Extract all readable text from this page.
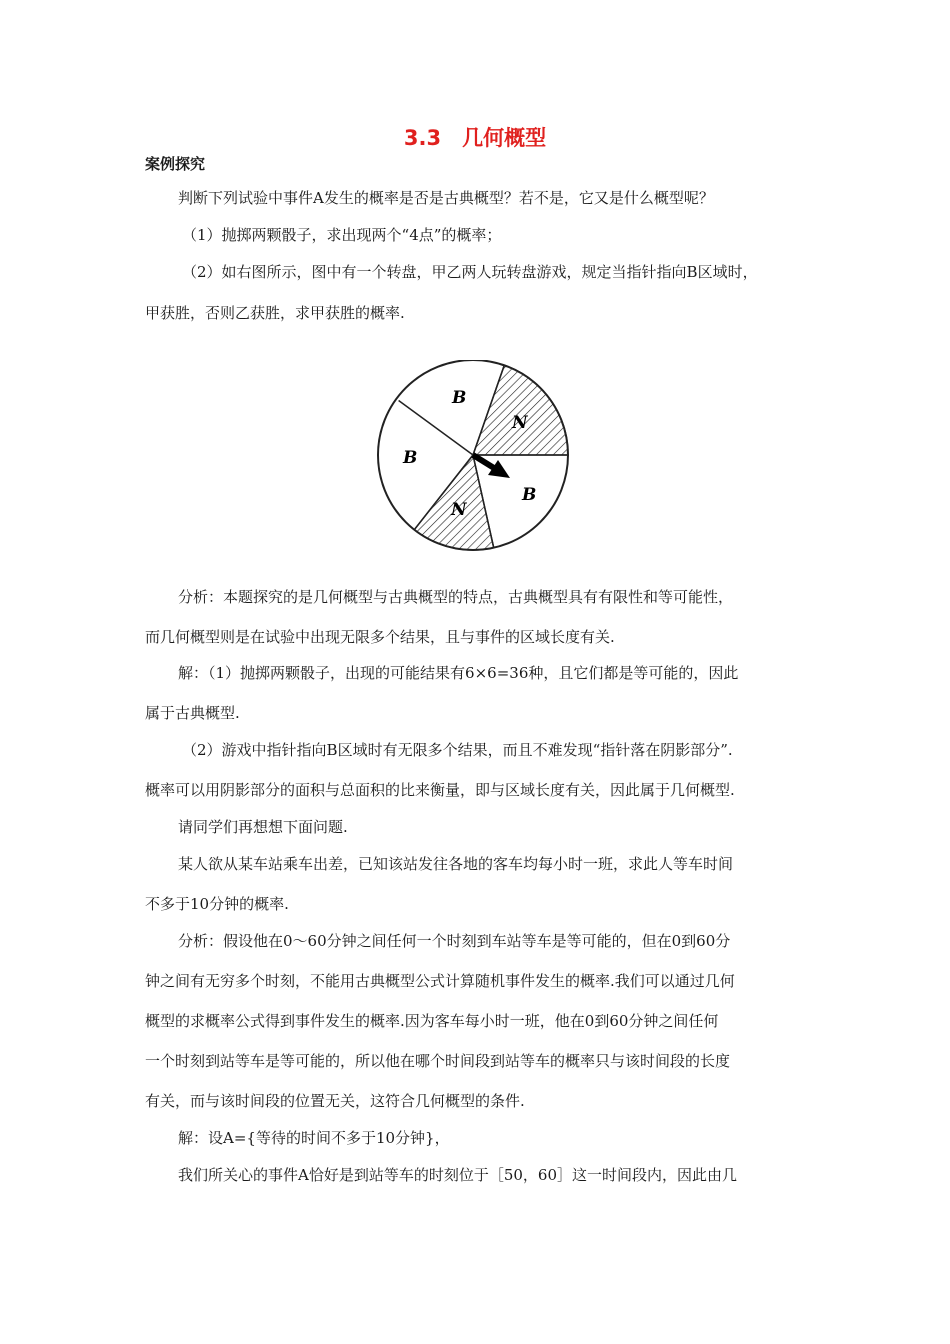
3.3　几何概型
案例探究
判断下列试验中事件A发生的概率是否是古典概型？若不是，它又是什么概型呢？
（1）抛掷两颗骰子，求出现两个“4点”的概率；
（2）如右图所示，图中有一个转盘，甲乙两人玩转盘游戏，规定当指针指向B区域时，
甲获胜，否则乙获胜，求甲获胜的概率.
B
N
B
B
N
分析：本题探究的是几何概型与古典概型的特点，古典概型具有有限性和等可能性，
而几何概型则是在试验中出现无限多个结果，且与事件的区域长度有关.
解：（1）抛掷两颗骰子，出现的可能结果有6×6=36种，且它们都是等可能的，因此
属于古典概型.
（2）游戏中指针指向B区域时有无限多个结果，而且不难发现“指针落在阴影部分”.
概率可以用阴影部分的面积与总面积的比来衡量，即与区域长度有关，因此属于几何概型.
请同学们再想想下面问题.
某人欲从某车站乘车出差，已知该站发往各地的客车均每小时一班，求此人等车时间
不多于10分钟的概率.
分析：假设他在0～60分钟之间任何一个时刻到车站等车是等可能的，但在0到60分
钟之间有无穷多个时刻，不能用古典概型公式计算随机事件发生的概率.我们可以通过几何
概型的求概率公式得到事件发生的概率.因为客车每小时一班，他在0到60分钟之间任何
一个时刻到站等车是等可能的，所以他在哪个时间段到站等车的概率只与该时间段的长度
有关，而与该时间段的位置无关，这符合几何概型的条件.
解：设A={等待的时间不多于10分钟}，
我们所关心的事件A恰好是到站等车的时刻位于［50，60］这一时间段内，因此由几
